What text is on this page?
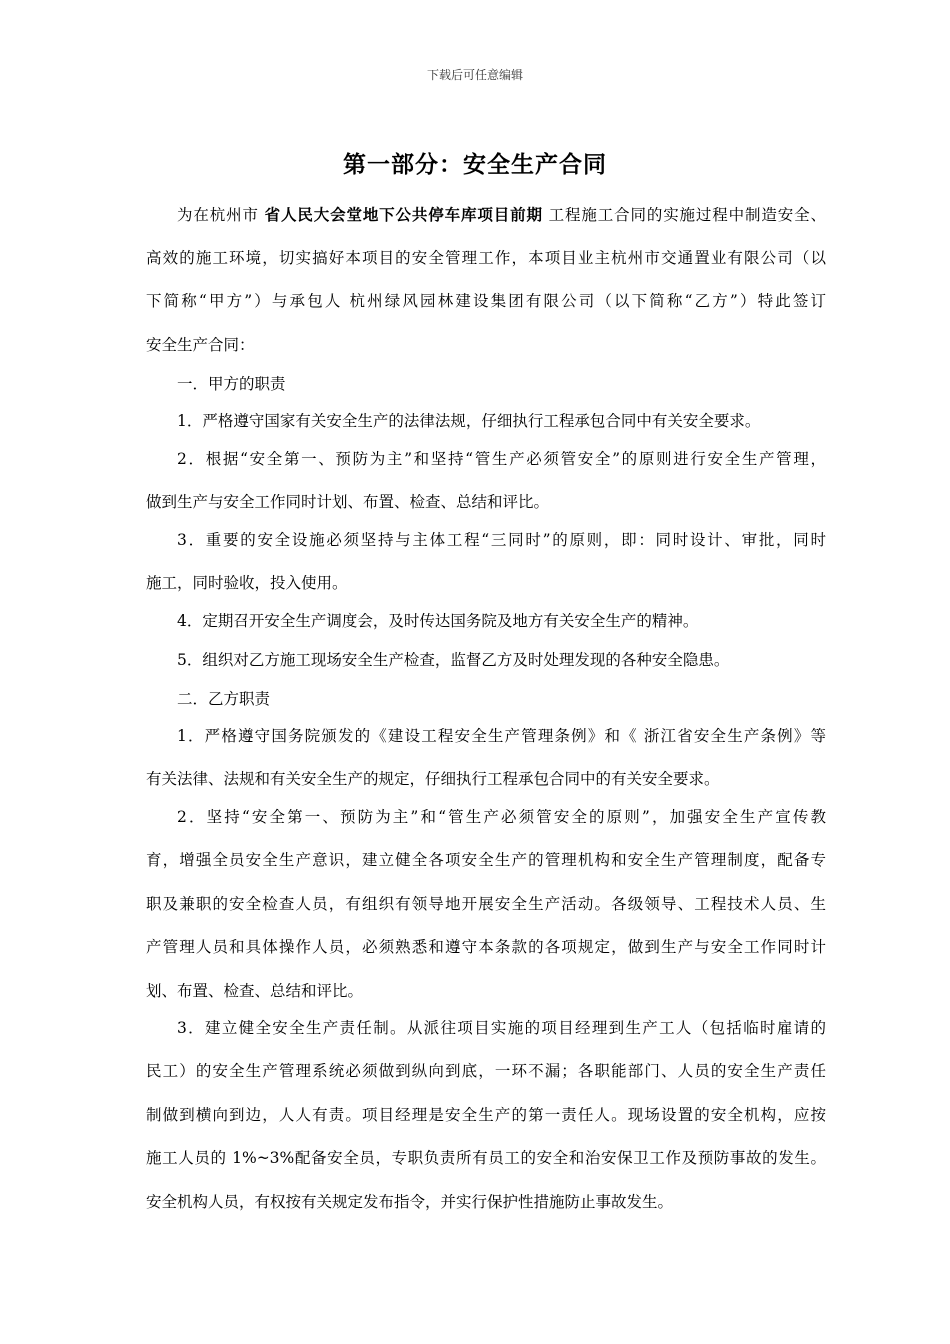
下载后可任意编辑
第一部分：安全生产合同
为在杭州市 省人民大会堂地下公共停车库项目前期 工程施工合同的实施过程中制造安全、
高效的施工环境，切实搞好本项目的安全管理工作，本项目业主杭州市交通置业有限公司（以
下简称“甲方”）与承包人 杭州绿风园林建设集团有限公司（以下简称“乙方”）特此签订
安全生产合同：
一．甲方的职责
1．严格遵守国家有关安全生产的法律法规，仔细执行工程承包合同中有关安全要求。
2．根据“安全第一、预防为主”和坚持“管生产必须管安全”的原则进行安全生产管理，
做到生产与安全工作同时计划、布置、检查、总结和评比。
3．重要的安全设施必须坚持与主体工程“三同时”的原则，即：同时设计、审批，同时
施工，同时验收，投入使用。
4．定期召开安全生产调度会，及时传达国务院及地方有关安全生产的精神。
5．组织对乙方施工现场安全生产检查，监督乙方及时处理发现的各种安全隐患。
二．乙方职责
1．严格遵守国务院颁发的《建设工程安全生产管理条例》和《 浙江省安全生产条例》等
有关法律、法规和有关安全生产的规定，仔细执行工程承包合同中的有关安全要求。
2．坚持“安全第一、预防为主”和“管生产必须管安全的原则”，加强安全生产宣传教
育，增强全员安全生产意识，建立健全各项安全生产的管理机构和安全生产管理制度，配备专
职及兼职的安全检查人员，有组织有领导地开展安全生产活动。各级领导、工程技术人员、生
产管理人员和具体操作人员，必须熟悉和遵守本条款的各项规定，做到生产与安全工作同时计
划、布置、检查、总结和评比。
3．建立健全安全生产责任制。从派往项目实施的项目经理到生产工人（包括临时雇请的
民工）的安全生产管理系统必须做到纵向到底，一环不漏；各职能部门、人员的安全生产责任
制做到横向到边，人人有责。项目经理是安全生产的第一责任人。现场设置的安全机构，应按
施工人员的 1%~3%配备安全员，专职负责所有员工的安全和治安保卫工作及预防事故的发生。
安全机构人员，有权按有关规定发布指令，并实行保护性措施防止事故发生。
